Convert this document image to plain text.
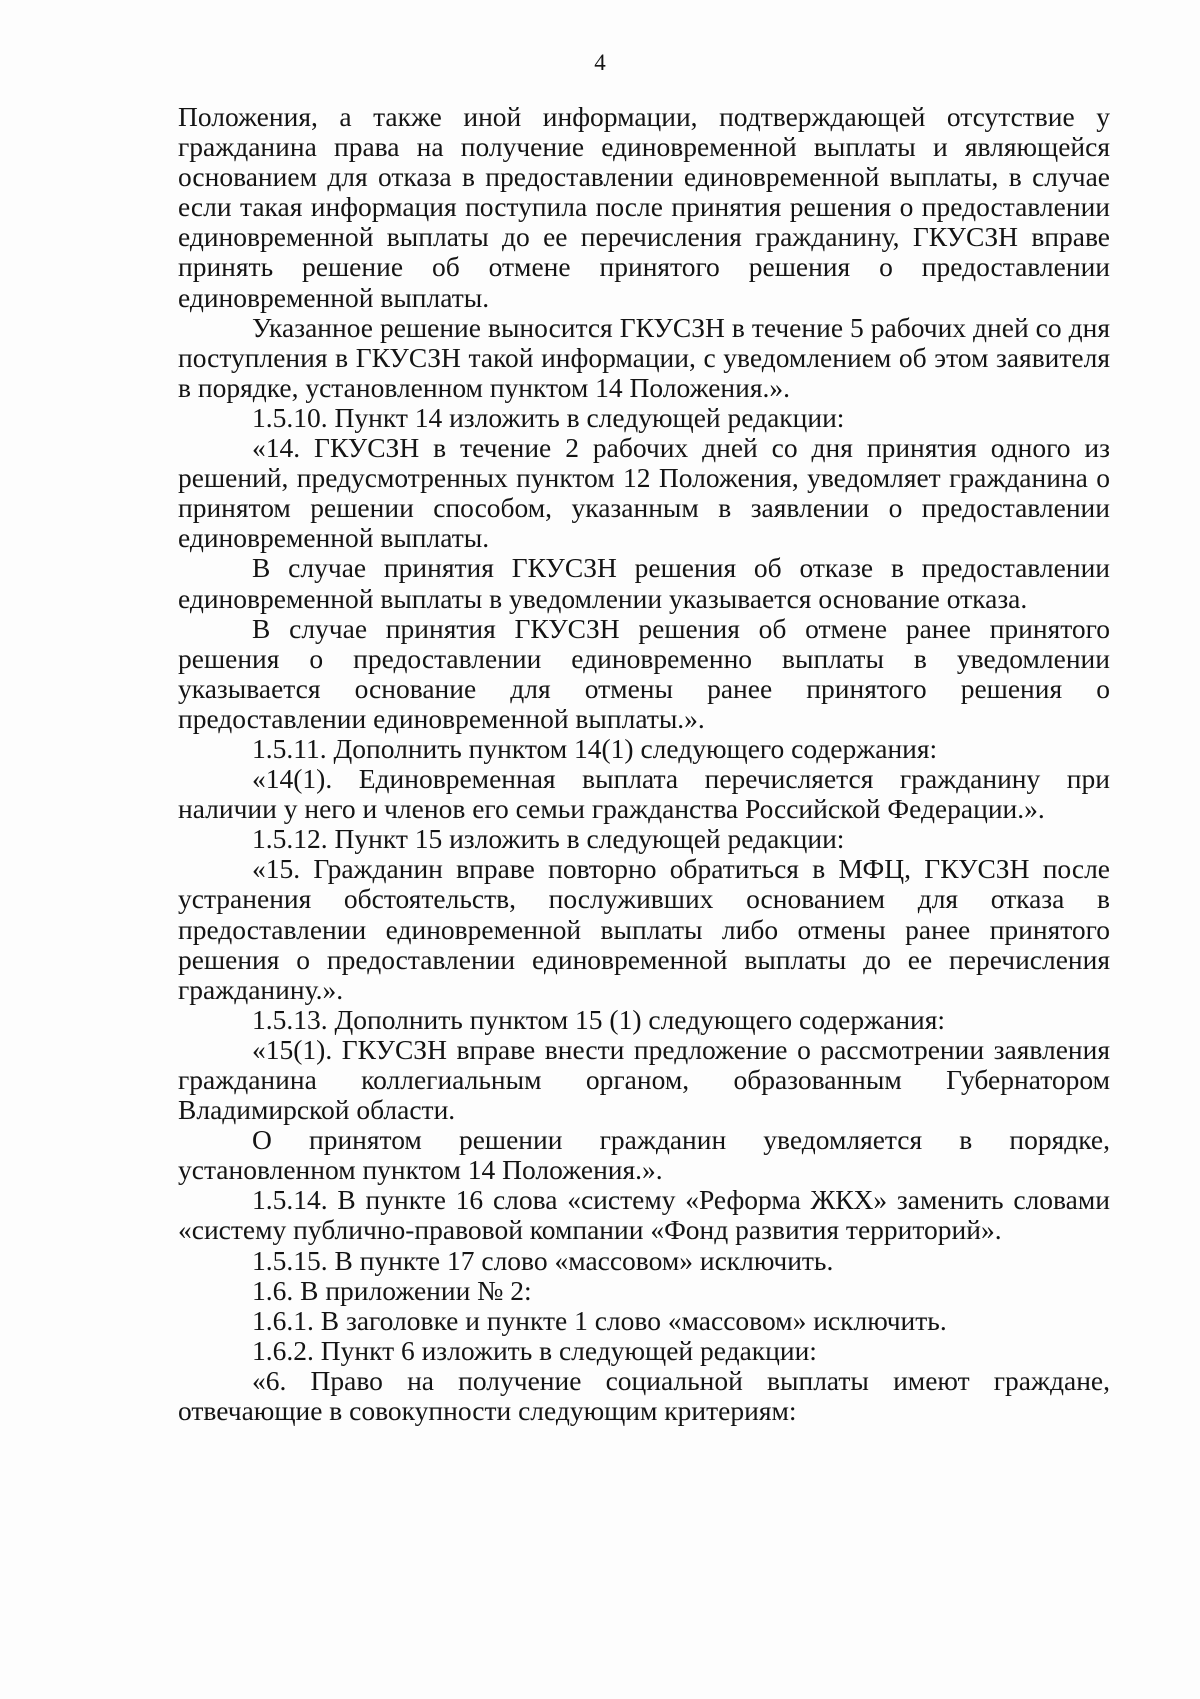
4

Положения, а также иной информации, подтверждающей отсутствие у гражданина права на получение единовременной выплаты и являющейся основанием для отказа в предоставлении единовременной выплаты, в случае если такая информация поступила после принятия решения о предоставлении единовременной выплаты до ее перечисления гражданину, ГКУСЗН вправе принять решение об отмене принятого решения о предоставлении единовременной выплаты.

Указанное решение выносится ГКУСЗН в течение 5 рабочих дней со дня поступления в ГКУСЗН такой информации, с уведомлением об этом заявителя в порядке, установленном пунктом 14 Положения.».

1.5.10. Пункт 14 изложить в следующей редакции:

«14. ГКУСЗН в течение 2 рабочих дней со дня принятия одного из решений, предусмотренных пунктом 12 Положения, уведомляет гражданина о принятом решении способом, указанным в заявлении о предоставлении единовременной выплаты.

В случае принятия ГКУСЗН решения об отказе в предоставлении единовременной выплаты в уведомлении указывается основание отказа.

В случае принятия ГКУСЗН решения об отмене ранее принятого решения о предоставлении единовременно выплаты в уведомлении указывается основание для отмены ранее принятого решения о предоставлении единовременной выплаты.».

1.5.11. Дополнить пунктом 14(1) следующего содержания:

«14(1). Единовременная выплата перечисляется гражданину при наличии у него и членов его семьи гражданства Российской Федерации.».

1.5.12. Пункт 15 изложить в следующей редакции:

«15. Гражданин вправе повторно обратиться в МФЦ, ГКУСЗН после устранения обстоятельств, послуживших основанием для отказа в предоставлении единовременной выплаты либо отмены ранее принятого решения о предоставлении единовременной выплаты до ее перечисления гражданину.».

1.5.13. Дополнить пунктом 15 (1) следующего содержания:

«15(1). ГКУСЗН вправе внести предложение о рассмотрении заявления гражданина коллегиальным органом, образованным Губернатором Владимирской области.

О принятом решении гражданин уведомляется в порядке, установленном пунктом 14 Положения.».

1.5.14. В пункте 16 слова «систему «Реформа ЖКХ» заменить словами «систему публично-правовой компании «Фонд развития территорий».

1.5.15. В пункте 17 слово «массовом» исключить.

1.6. В приложении № 2:

1.6.1. В заголовке и пункте 1 слово «массовом» исключить.

1.6.2. Пункт 6 изложить в следующей редакции:

«6. Право на получение социальной выплаты имеют граждане, отвечающие в совокупности следующим критериям:
